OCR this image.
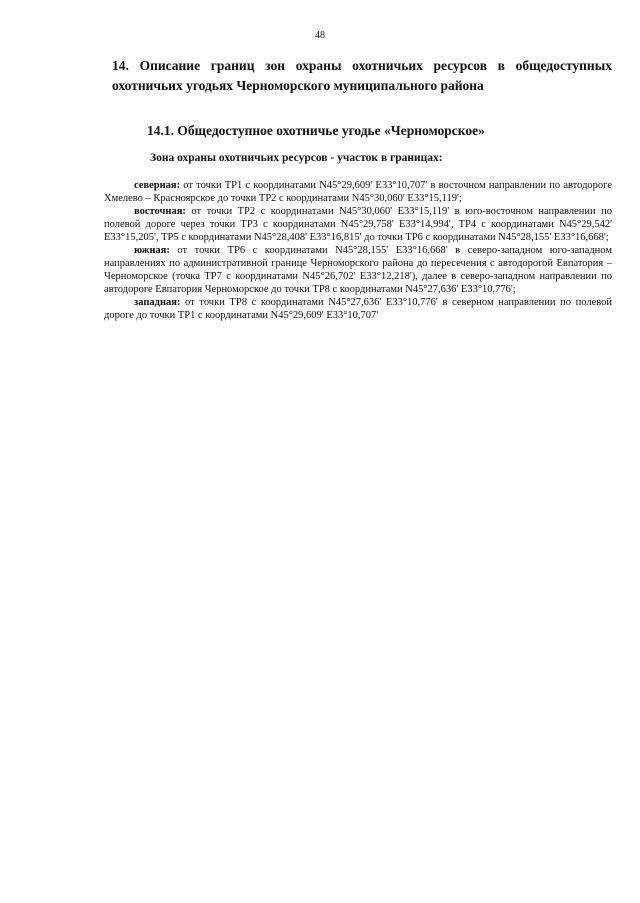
48
14. Описание границ зон охраны охотничьих ресурсов в общедоступных охотничьих угодьях Черноморского муниципального района
14.1. Общедоступное охотничье угодье «Черноморское»
Зона охраны охотничьих ресурсов - участок в границах:

северная: от точки ТР1 с координатами N45°29,609' E33°10,707' в восточном направлении по автодороге Хмелево – Красноярское до точки ТР2 с координатами N45°30,060' E33°15,119';

восточная: от точки ТР2 с координатами N45°30,060' E33°15,119' в юго-восточном направлении по полевой дороге через точки ТР3 с координатами N45°29,758' E33°14,994', ТР4 с координатами N45°29,542' E33°15,205', ТР5 с координатами N45°28,408' E33°16,815' до точки ТР6 с координатами N45°28,155' E33°16,668';

южная: от точки ТР6 с координатами N45°28,155' E33°16,668' в северо-западном юго-западном направлениях по административной границе Черноморского района до пересечения с автодорогой Евпатория – Черноморское (точка ТР7 с координатами N45°26,702' E33°12,218'), далее в северо-западном направлении по автодороге Евпатория Черноморское до точки ТР8 с координатами N45°27,636' E33°10,776';

западная: от точки ТР8 с координатами N45°27,636' E33°10,776' в северном направлении по полевой дороге до точки ТР1 с координатами N45°29,609' E33°10,707'
